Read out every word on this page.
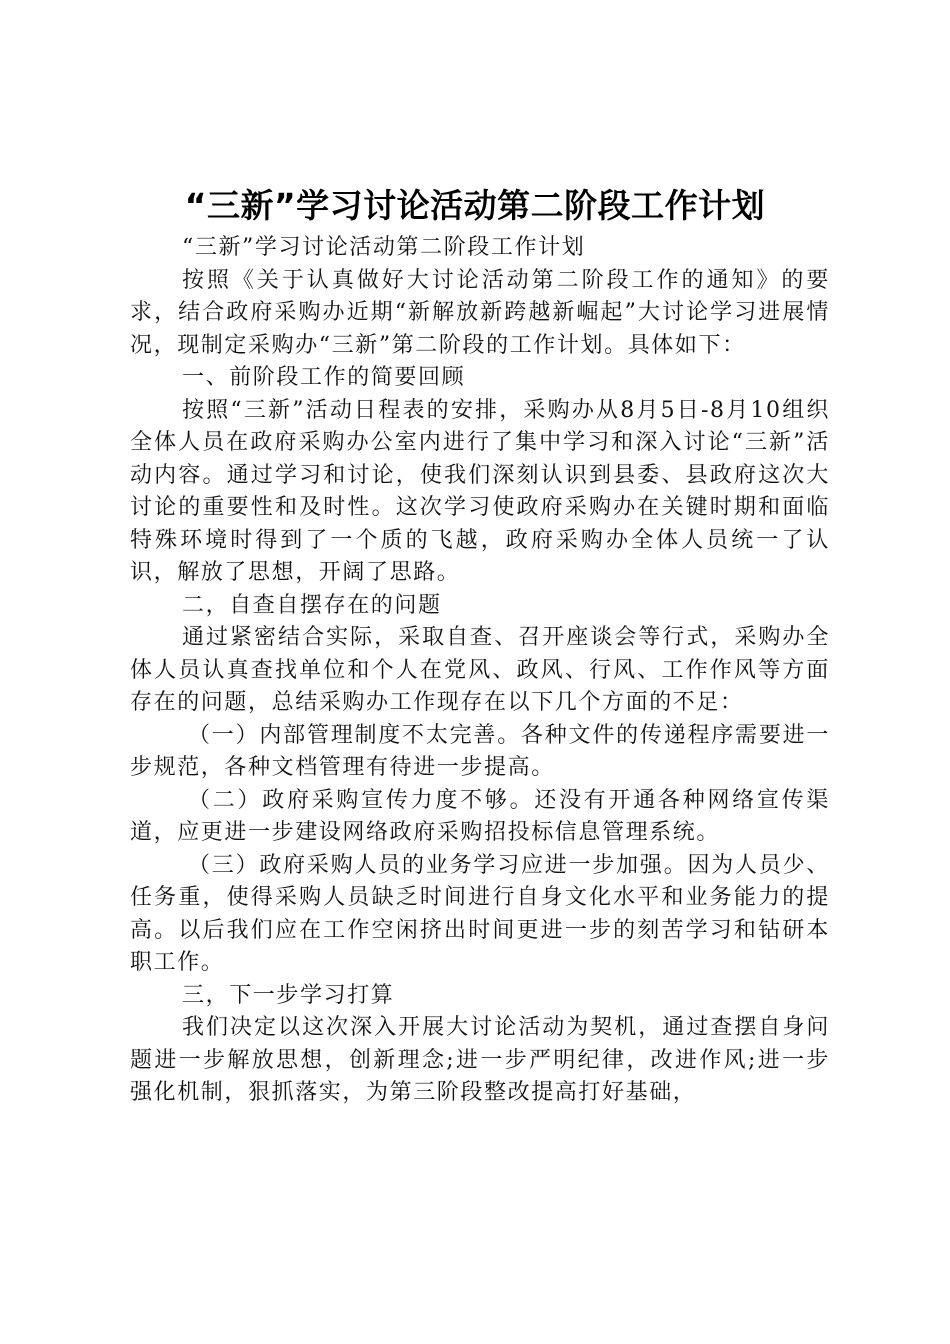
“三新”学习讨论活动第二阶段工作计划

“三新”学习讨论活动第二阶段工作计划

按照《关于认真做好大讨论活动第二阶段工作的通知》的要求，结合政府采购办近期“新解放新跨越新崛起”大讨论学习进展情况，现制定采购办“三新”第二阶段的工作计划。具体如下：

一、前阶段工作的简要回顾

按照“三新”活动日程表的安排，采购办从8月5日-8月10组织全体人员在政府采购办公室内进行了集中学习和深入讨论“三新”活动内容。通过学习和讨论，使我们深刻认识到县委、县政府这次大讨论的重要性和及时性。这次学习使政府采购办在关键时期和面临特殊环境时得到了一个质的飞越，政府采购办全体人员统一了认识，解放了思想，开阔了思路。

二，自查自摆存在的问题

通过紧密结合实际，采取自查、召开座谈会等行式，采购办全体人员认真查找单位和个人在党风、政风、行风、工作作风等方面存在的问题，总结采购办工作现存在以下几个方面的不足：

（一）内部管理制度不太完善。各种文件的传递程序需要进一步规范，各种文档管理有待进一步提高。

（二）政府采购宣传力度不够。还没有开通各种网络宣传渠道，应更进一步建设网络政府采购招投标信息管理系统。

（三）政府采购人员的业务学习应进一步加强。因为人员少、任务重，使得采购人员缺乏时间进行自身文化水平和业务能力的提高。以后我们应在工作空闲挤出时间更进一步的刻苦学习和钻研本职工作。

三，下一步学习打算

我们决定以这次深入开展大讨论活动为契机，通过查摆自身问题进一步解放思想，创新理念;进一步严明纪律，改进作风;进一步强化机制，狠抓落实，为第三阶段整改提高打好基础，
